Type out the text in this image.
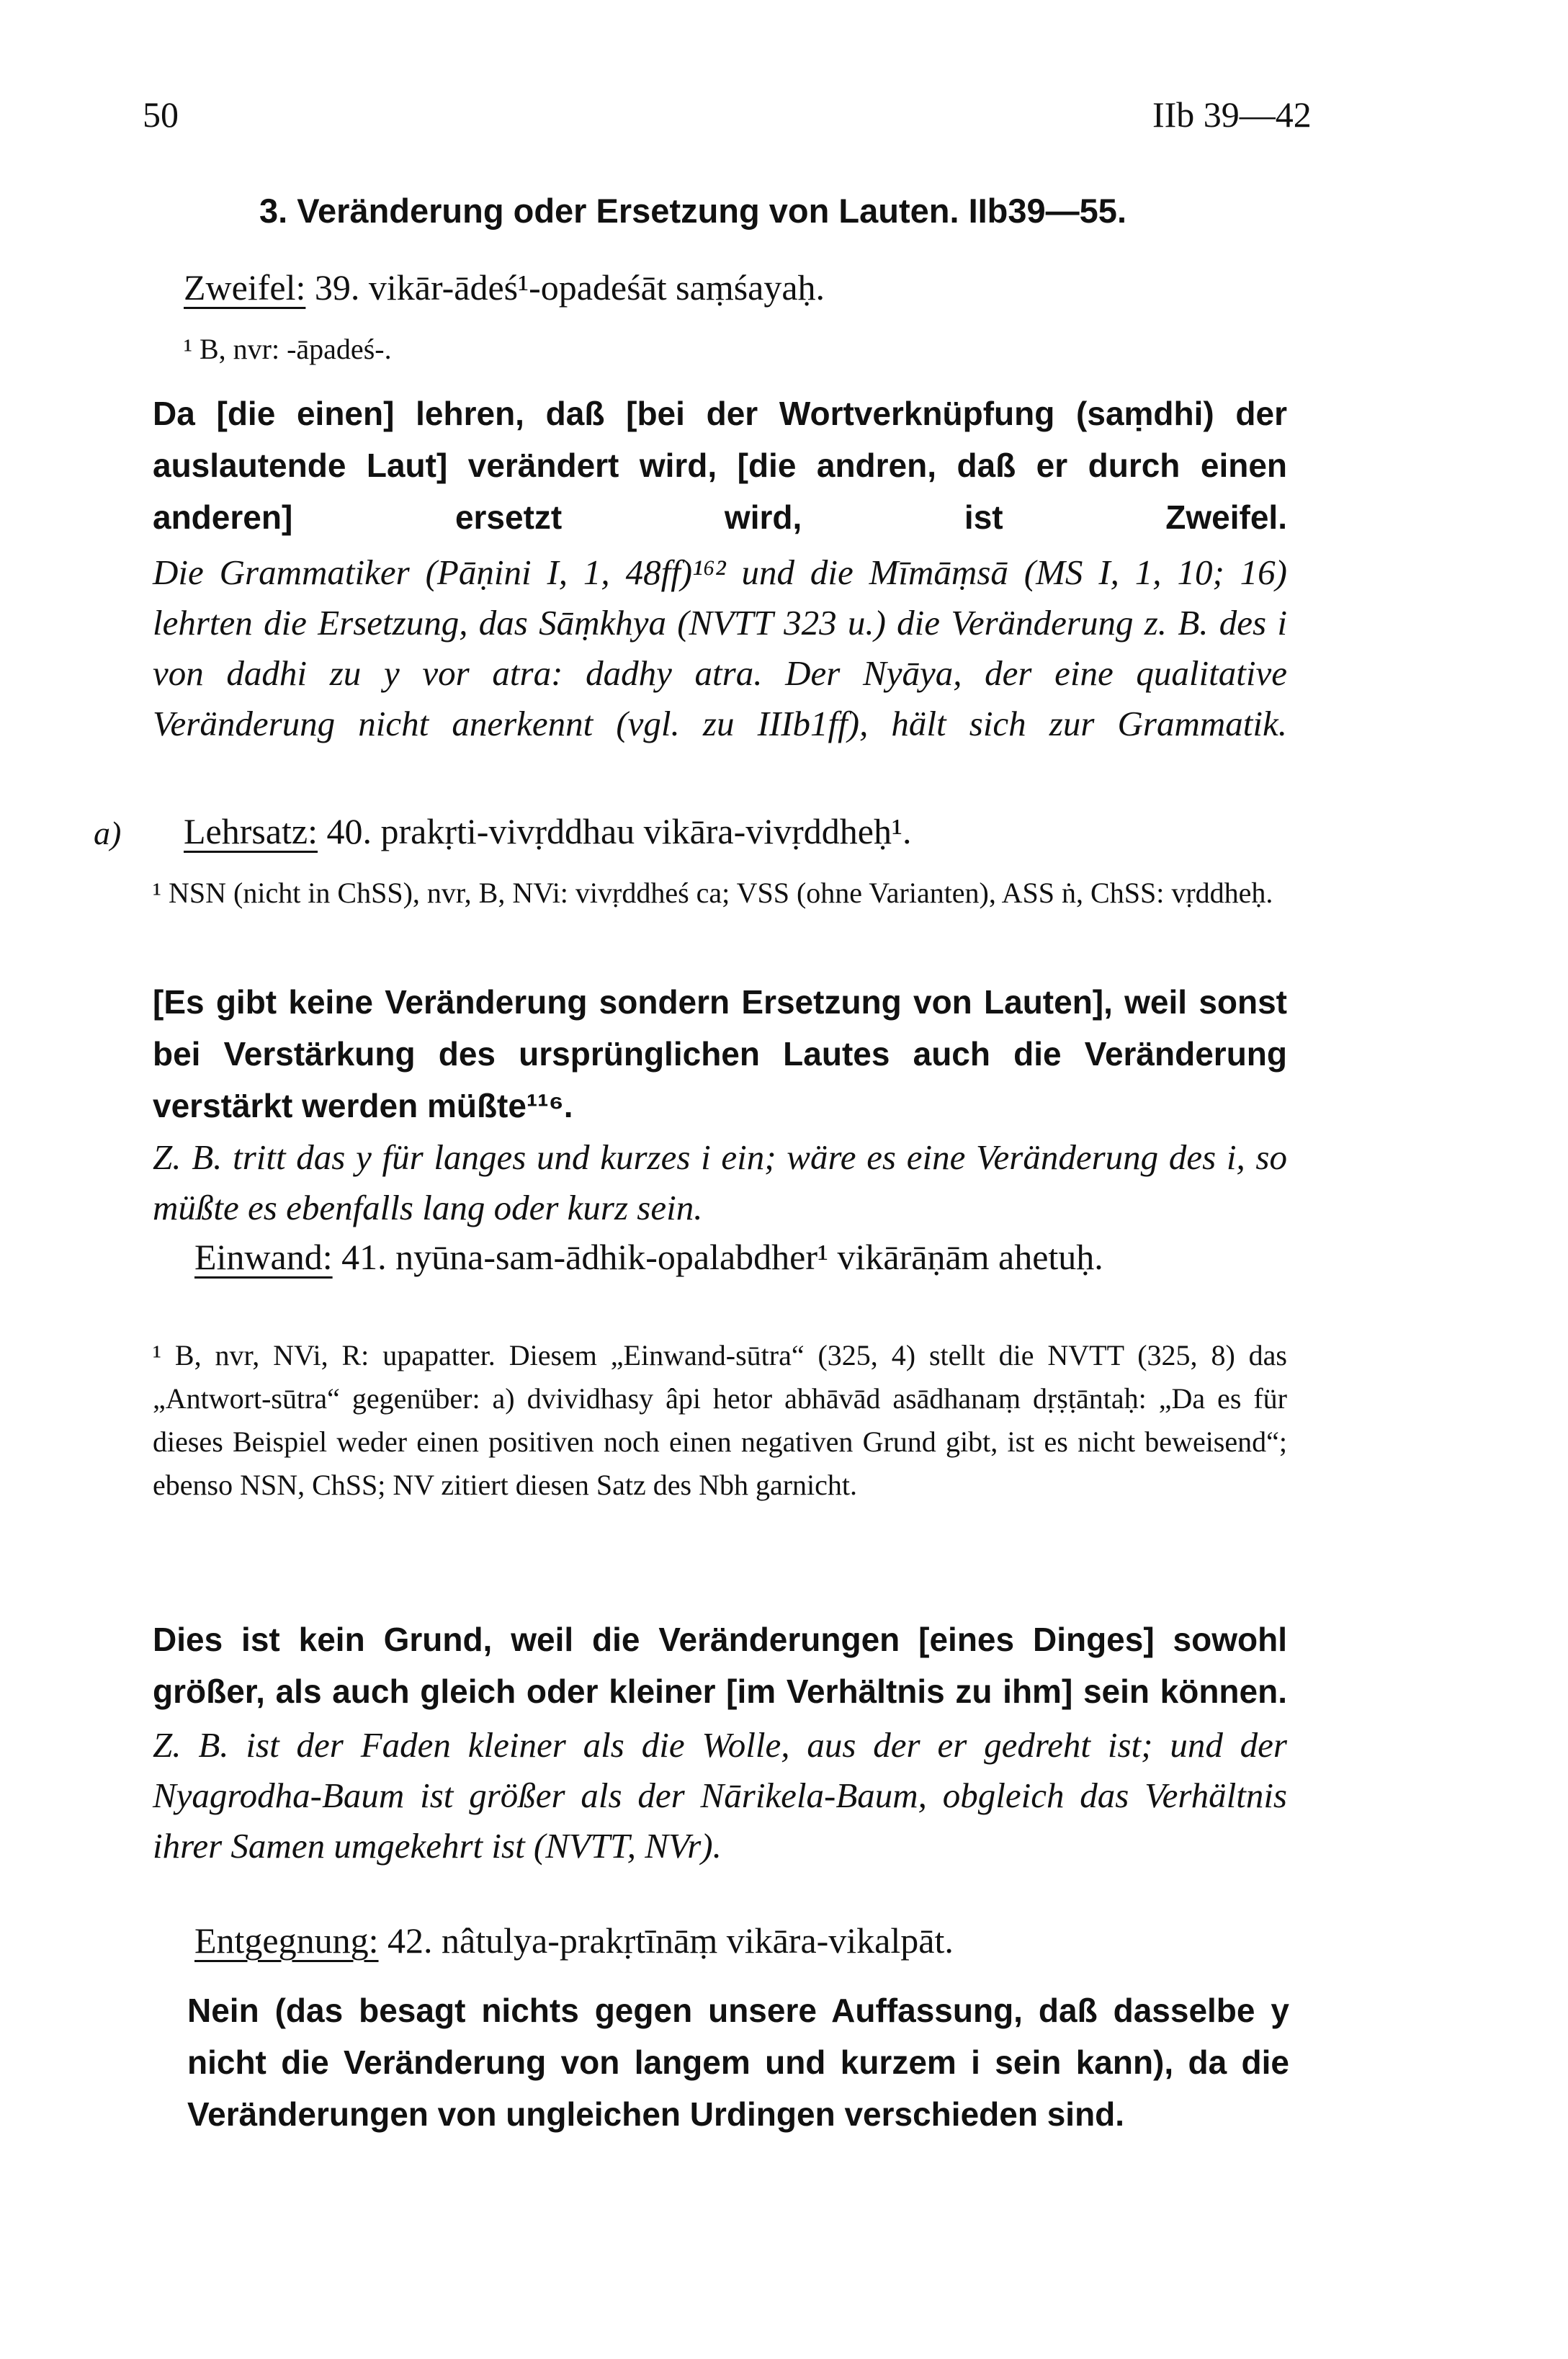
50	IIb 39—42
3. Veränderung oder Ersetzung von Lauten. IIb39—55.
Zweifel: 39. vikār-ādeś¹-opadeśāt saṃśayaḥ.
¹ B, nvr: -āpadeś-.
Da [die einen] lehren, daß [bei der Wortverknüpfung (saṃdhi) der auslautende Laut] verändert wird, [die andren, daß er durch einen anderen] ersetzt wird, ist Zweifel.
Die Grammatiker (Pāṇini I, 1, 48ff)¹⁶² und die Mīmāṃsā (MS I, 1, 10; 16) lehrten die Ersetzung, das Sāṃkhya (NVTT 323 u.) die Veränderung z. B. des i von dadhi zu y vor atra: dadhy atra. Der Nyāya, der eine qualitative Veränderung nicht anerkennt (vgl. zu IIIb1ff), hält sich zur Grammatik.
a) Lehrsatz: 40. prakṛti-vivṛddhau vikāra-vivṛddheḥ¹.
¹ NSN (nicht in ChSS), nvr, B, NVi: vivṛddheś ca; VSS (ohne Varianten), ASS ṅ, ChSS: vṛddheḥ.
[Es gibt keine Veränderung sondern Ersetzung von Lauten], weil sonst bei Verstärkung des ursprünglichen Lautes auch die Veränderung verstärkt werden müßte¹¹⁶.
Z. B. tritt das y für langes und kurzes i ein; wäre es eine Veränderung des i, so müßte es ebenfalls lang oder kurz sein.
Einwand: 41. nyūna-sam-ādhik-opalabdher¹ vikārāṇām ahetuḥ.
¹ B, nvr, NVi, R: upapatter. Diesem „Einwand-sūtra“ (325, 4) stellt die NVTT (325, 8) das „Antwort-sūtra“ gegenüber: a) dvividhasy âpi hetor abhāvād asādhanaṃ dṛṣṭāntaḥ: „Da es für dieses Beispiel weder einen positiven noch einen negativen Grund gibt, ist es nicht beweisend“; ebenso NSN, ChSS; NV zitiert diesen Satz des Nbh garnicht.
Dies ist kein Grund, weil die Veränderungen [eines Dinges] sowohl größer, als auch gleich oder kleiner [im Verhältnis zu ihm] sein können.
Z. B. ist der Faden kleiner als die Wolle, aus der er gedreht ist; und der Nyagrodha-Baum ist größer als der Nārikela-Baum, obgleich das Verhältnis ihrer Samen umgekehrt ist (NVTT, NVr).
Entgegnung: 42. nâtulya-prakṛtīnāṃ vikāra-vikalpāt.
Nein (das besagt nichts gegen unsere Auffassung, daß dasselbe y nicht die Veränderung von langem und kurzem i sein kann), da die Veränderungen von ungleichen Urdingen verschieden sind.
